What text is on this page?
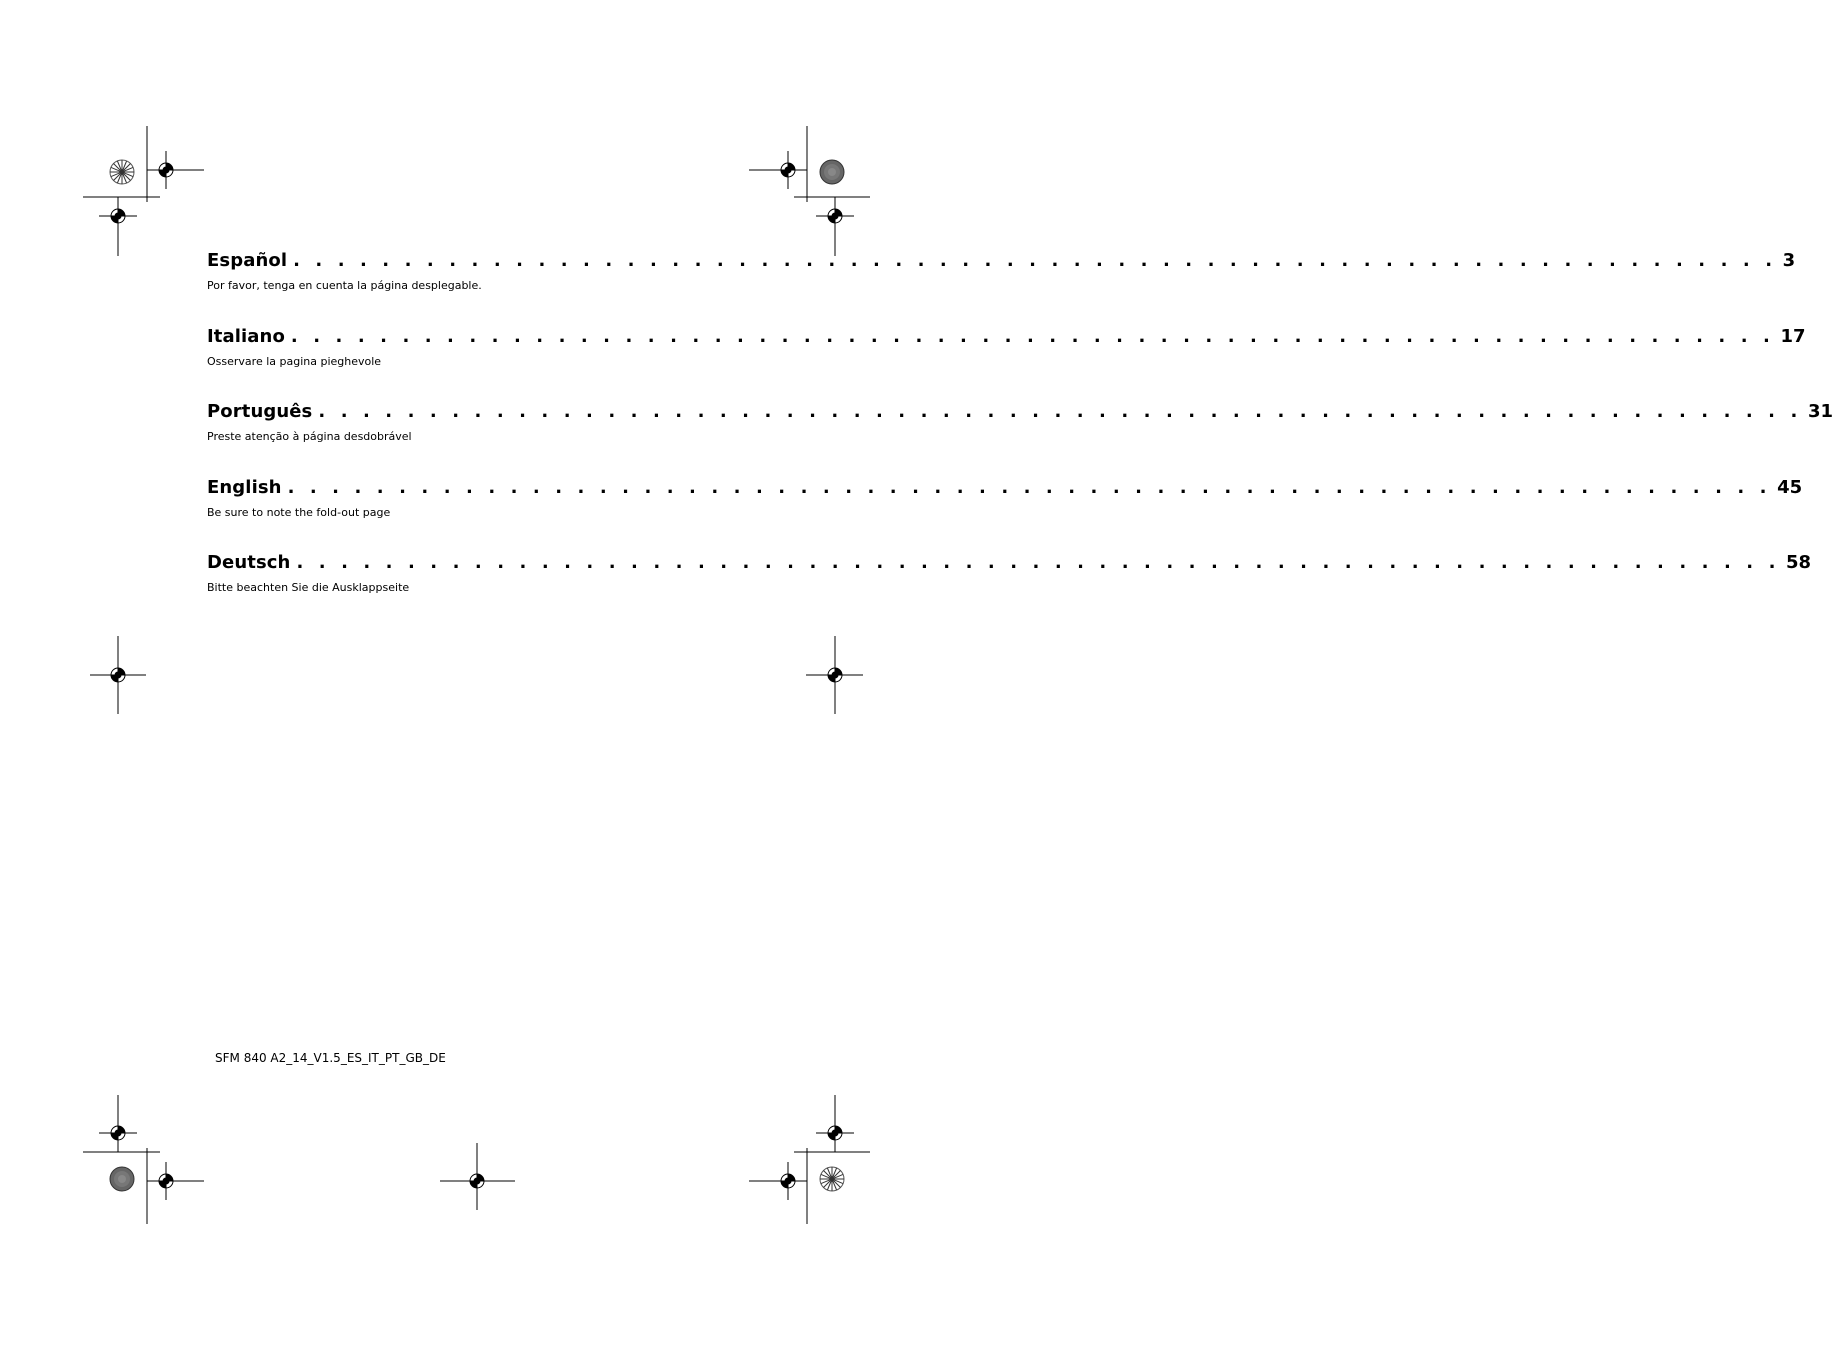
Español . . . . . . . . . . . . . . . . . . . . . . . . . . . . . . . . . . . . . . . . . . . . . . . . . . . . . . . . . . . . . . . . . . . 3
Por favor, tenga en cuenta la página desplegable.
Italiano . . . . . . . . . . . . . . . . . . . . . . . . . . . . . . . . . . . . . . . . . . . . . . . . . . . . . . . . . . . . . . . . . . . 17
Osservare la pagina pieghevole
Português . . . . . . . . . . . . . . . . . . . . . . . . . . . . . . . . . . . . . . . . . . . . . . . . . . . . . . . . . . . . . . . . . . . 31
Preste atenção à página desdobrável
English . . . . . . . . . . . . . . . . . . . . . . . . . . . . . . . . . . . . . . . . . . . . . . . . . . . . . . . . . . . . . . . . . . . 45
Be sure to note the fold-out page
Deutsch . . . . . . . . . . . . . . . . . . . . . . . . . . . . . . . . . . . . . . . . . . . . . . . . . . . . . . . . . . . . . . . . . . . 58
Bitte beachten Sie die Ausklappseite
SFM 840 A2_14_V1.5_ES_IT_PT_GB_DE
